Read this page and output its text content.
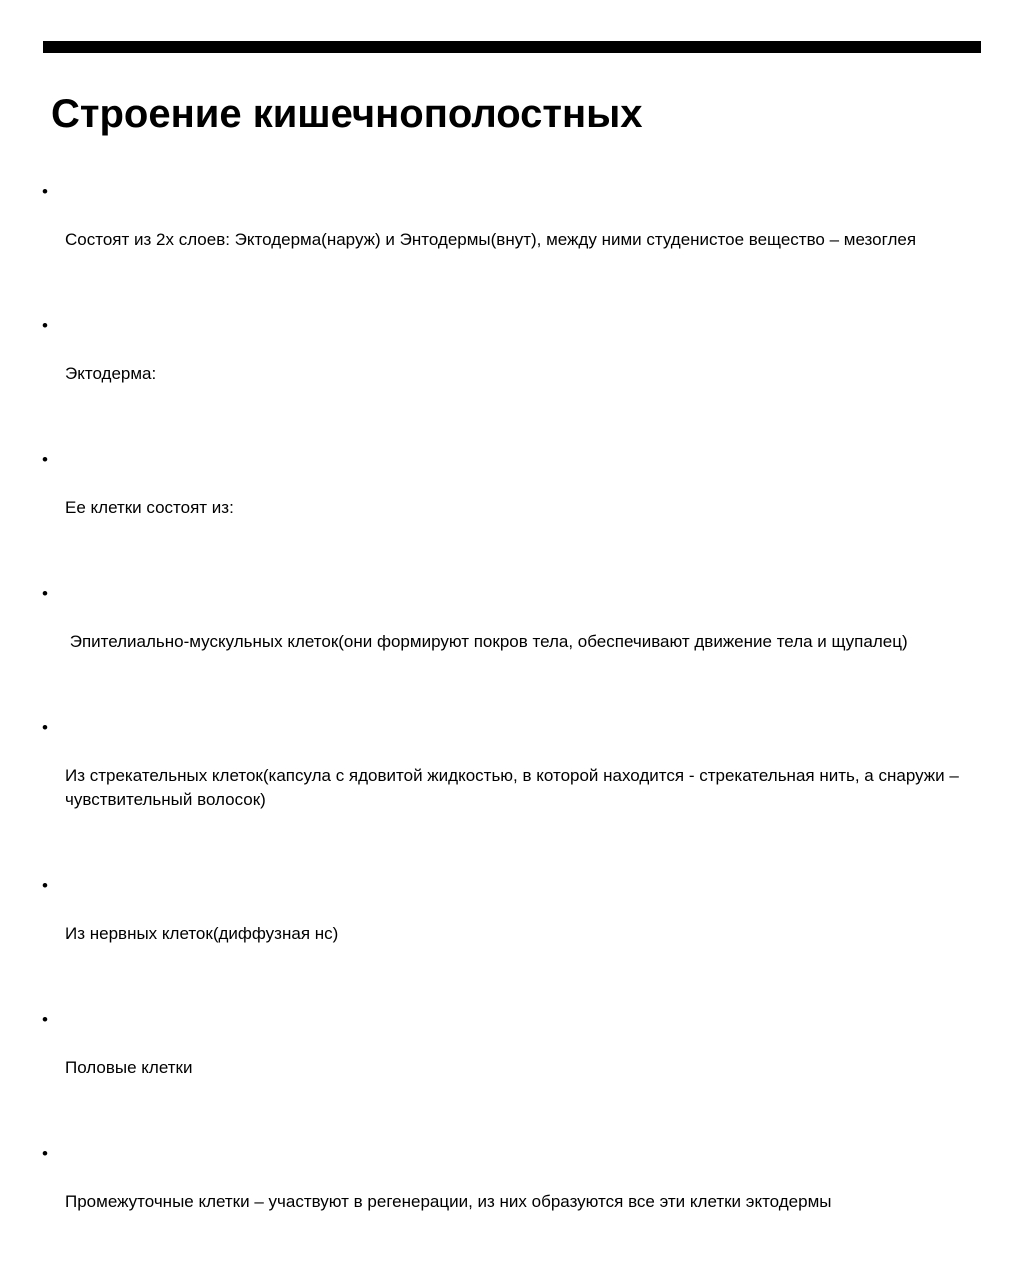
Строение кишечнополостных

• Состоят из 2х слоев: Эктодерма(наруж) и Энтодермы(внут), между ними студенистое вещество – мезоглея

• Эктодерма:

• Ее клетки состоят из:

•  Эпителиально-мускульных клеток(они формируют покров тела, обеспечивают движение тела и щупалец)

• Из стрекательных клеток(капсула с ядовитой жидкостью, в которой находится - стрекательная нить, а снаружи – чувствительный волосок)

• Из нервных клеток(диффузная нс)

• Половые клетки

• Промежуточные клетки – участвуют в регенерации, из них образуются все эти клетки эктодермы
